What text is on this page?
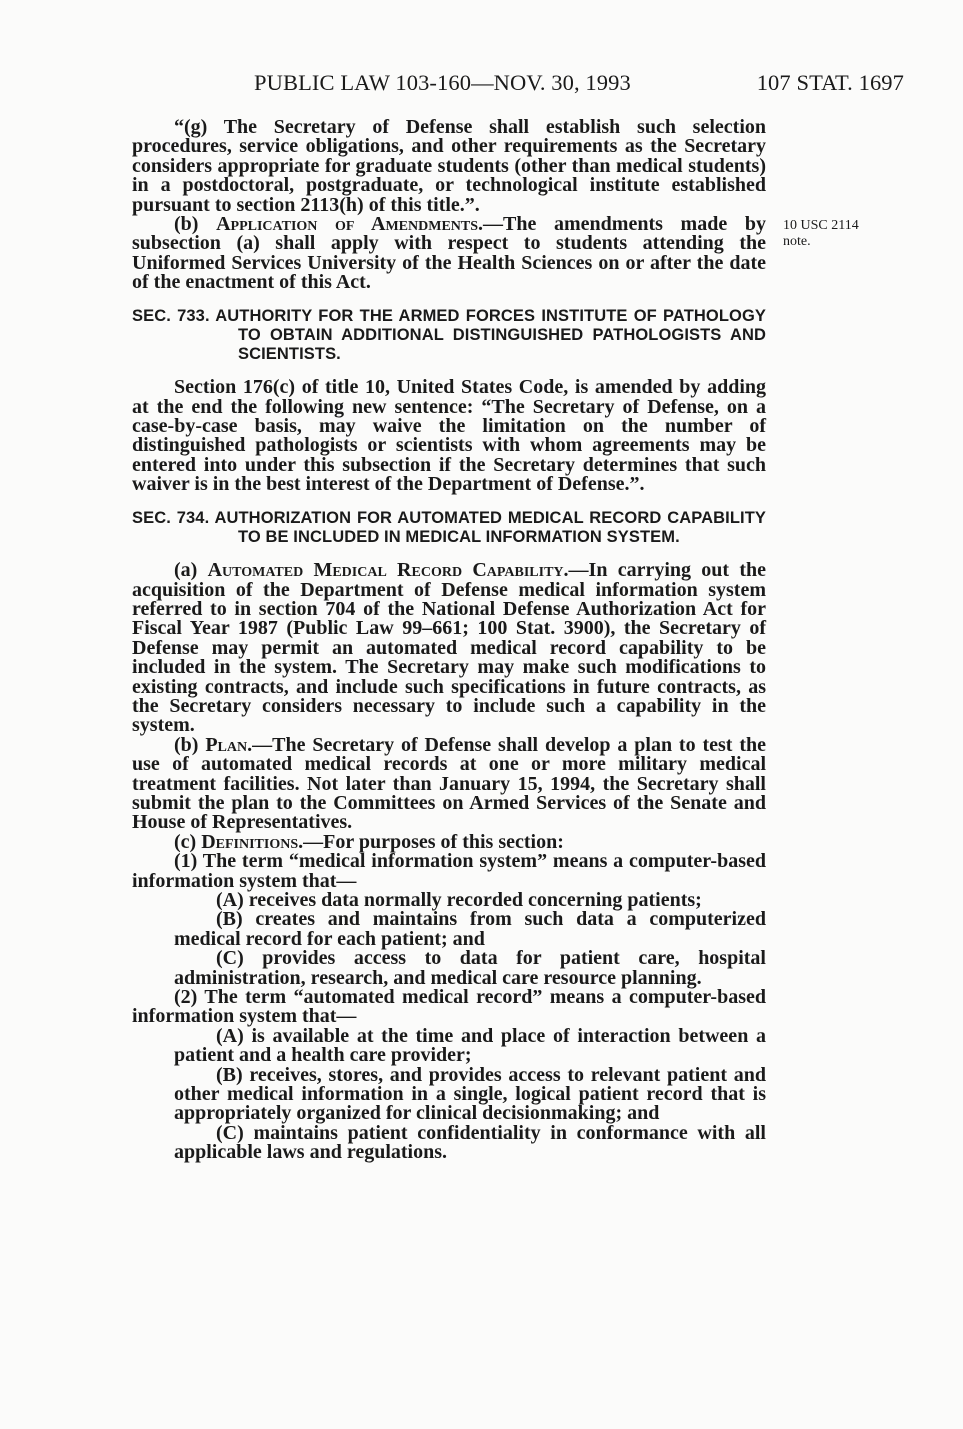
PUBLIC LAW 103-160—NOV. 30, 1993	107 STAT. 1697
10 USC 2114
note.

“(g) The Secretary of Defense shall establish such selection procedures, service obligations, and other requirements as the Secretary considers appropriate for graduate students (other than medical students) in a postdoctoral, postgraduate, or technological institute established pursuant to section 2113(h) of this title.”.

(b) Application of Amendments.—The amendments made by subsection (a) shall apply with respect to students attending the Uniformed Services University of the Health Sciences on or after the date of the enactment of this Act.

SEC. 733. AUTHORITY FOR THE ARMED FORCES INSTITUTE OF PATHOLOGY TO OBTAIN ADDITIONAL DISTINGUISHED PATHOLOGISTS AND SCIENTISTS.

Section 176(c) of title 10, United States Code, is amended by adding at the end the following new sentence: “The Secretary of Defense, on a case-by-case basis, may waive the limitation on the number of distinguished pathologists or scientists with whom agreements may be entered into under this subsection if the Secretary determines that such waiver is in the best interest of the Department of Defense.”.

SEC. 734. AUTHORIZATION FOR AUTOMATED MEDICAL RECORD CAPABILITY TO BE INCLUDED IN MEDICAL INFORMATION SYSTEM.

(a) Automated Medical Record Capability.—In carrying out the acquisition of the Department of Defense medical information system referred to in section 704 of the National Defense Authorization Act for Fiscal Year 1987 (Public Law 99–661; 100 Stat. 3900), the Secretary of Defense may permit an automated medical record capability to be included in the system. The Secretary may make such modifications to existing contracts, and include such specifications in future contracts, as the Secretary considers necessary to include such a capability in the system.

(b) Plan.—The Secretary of Defense shall develop a plan to test the use of automated medical records at one or more military medical treatment facilities. Not later than January 15, 1994, the Secretary shall submit the plan to the Committees on Armed Services of the Senate and House of Representatives.

(c) Definitions.—For purposes of this section:

(1) The term “medical information system” means a computer-based information system that—

(A) receives data normally recorded concerning patients;

(B) creates and maintains from such data a computerized medical record for each patient; and

(C) provides access to data for patient care, hospital administration, research, and medical care resource planning.

(2) The term “automated medical record” means a computer-based information system that—

(A) is available at the time and place of interaction between a patient and a health care provider;

(B) receives, stores, and provides access to relevant patient and other medical information in a single, logical patient record that is appropriately organized for clinical decisionmaking; and

(C) maintains patient confidentiality in conformance with all applicable laws and regulations.
